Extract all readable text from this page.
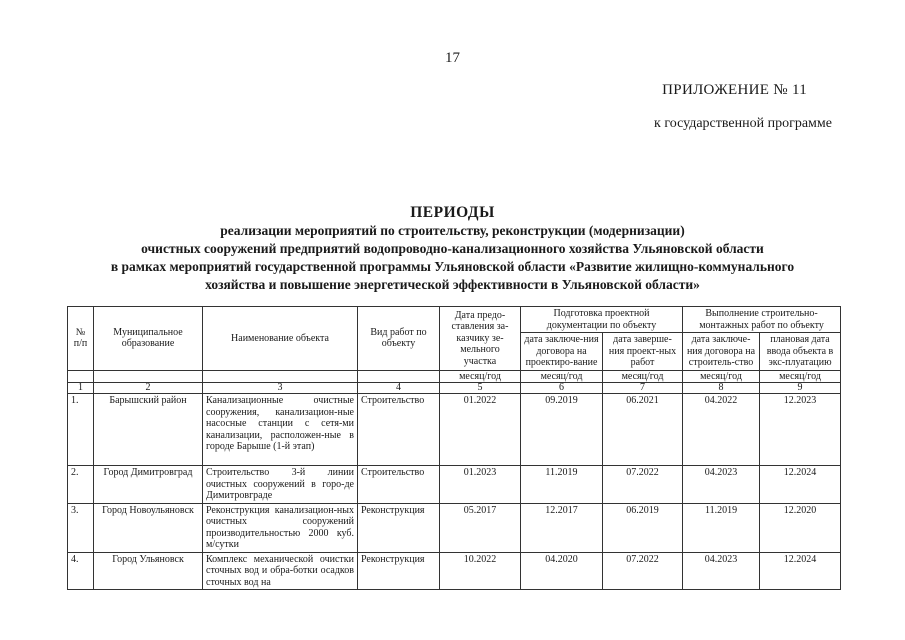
17
ПРИЛОЖЕНИЕ № 11
к государственной программе
ПЕРИОДЫ
реализации мероприятий по строительству, реконструкции (модернизации)
очистных сооружений предприятий водопроводно-канализационного хозяйства Ульяновской области
в рамках мероприятий государственной программы Ульяновской области «Развитие жилищно-коммунального
хозяйства и повышение энергетической эффективности в Ульяновской области»
№ п/п	Муниципальное образование	Наименование объекта	Вид работ по объекту	Дата предо-ставления за-казчику зе-мельного участка	Подготовка проектной документации по объекту		Выполнение строительно-монтажных работ по объекту	
					дата заключе-ния договора на проектиро-вание	дата заверше-ния проект-ных работ	дата заключе-ния договора на строитель-ство	плановая дата ввода объекта в экс-плуатацию
				месяц/год	месяц/год	месяц/год	месяц/год	месяц/год
1	2	3	4	5	6	7	8	9
1.	Барышский район	Канализационные очистные сооружения, канализацион-ные насосные станции с сетя-ми канализации, расположен-ные в городе Барыше (1-й этап)	Строительство	01.2022	09.2019	06.2021	04.2022	12.2023
2.	Город Димитровград	Строительство 3-й линии очистных сооружений в горо-де Димитровграде	Строительство	01.2023	11.2019	07.2022	04.2023	12.2024
3.	Город Новоульяновск	Реконструкция канализацион-ных очистных сооружений производительностью 2000 куб. м/сутки	Реконструкция	05.2017	12.2017	06.2019	11.2019	12.2020
4.	Город Ульяновск	Комплекс механической очистки сточных вод и обра-ботки осадков сточных вод на	Реконструкция	10.2022	04.2020	07.2022	04.2023	12.2024
